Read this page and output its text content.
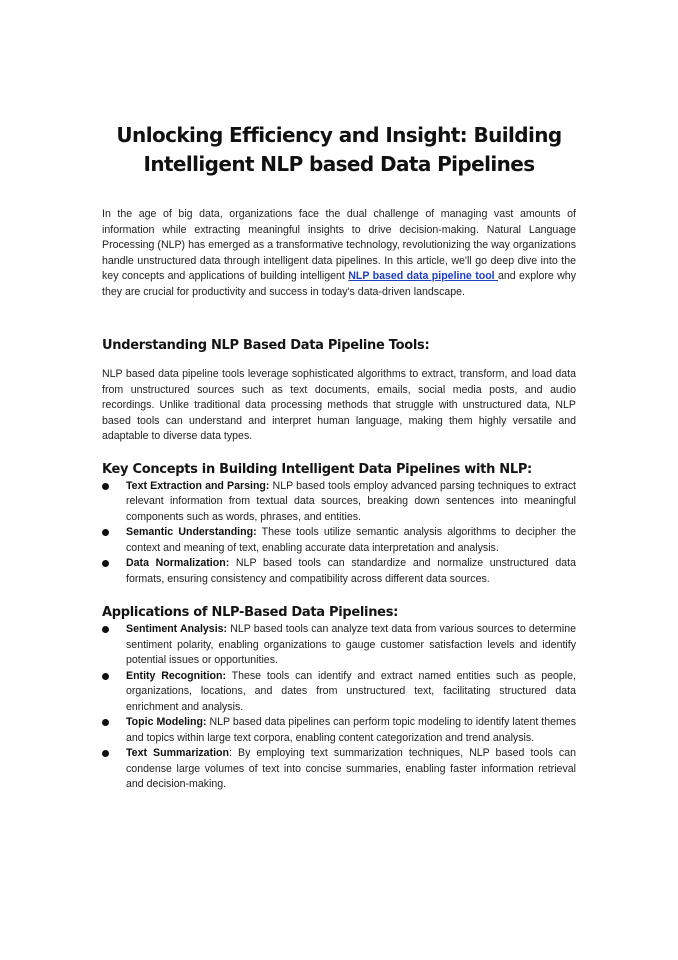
Unlocking Efficiency and Insight: Building Intelligent NLP based Data Pipelines

In the age of big data, organizations face the dual challenge of managing vast amounts of information while extracting meaningful insights to drive decision-making. Natural Language Processing (NLP) has emerged as a transformative technology, revolutionizing the way organizations handle unstructured data through intelligent data pipelines. In this article, we'll go deep dive into the key concepts and applications of building intelligent NLP based data pipeline tool and explore why they are crucial for productivity and success in today's data-driven landscape.

Understanding NLP Based Data Pipeline Tools:

NLP based data pipeline tools leverage sophisticated algorithms to extract, transform, and load data from unstructured sources such as text documents, emails, social media posts, and audio recordings. Unlike traditional data processing methods that struggle with unstructured data, NLP based tools can understand and interpret human language, making them highly versatile and adaptable to diverse data types.

Key Concepts in Building Intelligent Data Pipelines with NLP:
Text Extraction and Parsing: NLP based tools employ advanced parsing techniques to extract relevant information from textual data sources, breaking down sentences into meaningful components such as words, phrases, and entities.
Semantic Understanding: These tools utilize semantic analysis algorithms to decipher the context and meaning of text, enabling accurate data interpretation and analysis.
Data Normalization: NLP based tools can standardize and normalize unstructured data formats, ensuring consistency and compatibility across different data sources.
Applications of NLP-Based Data Pipelines:
Sentiment Analysis: NLP based tools can analyze text data from various sources to determine sentiment polarity, enabling organizations to gauge customer satisfaction levels and identify potential issues or opportunities.
Entity Recognition: These tools can identify and extract named entities such as people, organizations, locations, and dates from unstructured text, facilitating structured data enrichment and analysis.
Topic Modeling: NLP based data pipelines can perform topic modeling to identify latent themes and topics within large text corpora, enabling content categorization and trend analysis.
Text Summarization: By employing text summarization techniques, NLP based tools can condense large volumes of text into concise summaries, enabling faster information retrieval and decision-making.
